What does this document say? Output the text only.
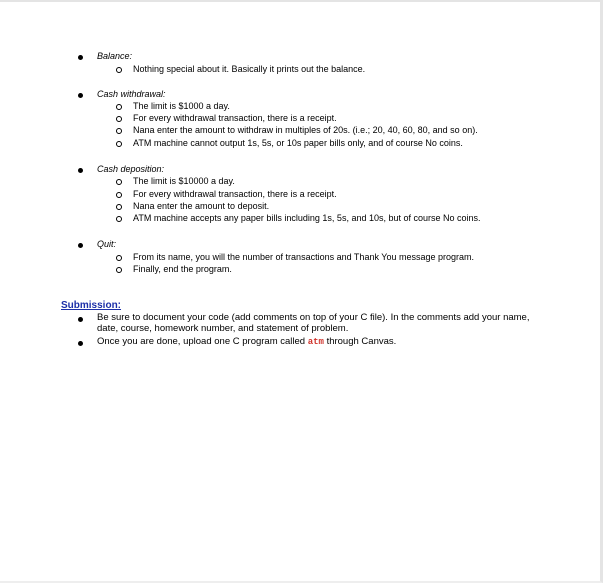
Balance:
Nothing special about it. Basically it prints out the balance.
Cash withdrawal:
The limit is $1000 a day.
For every withdrawal transaction, there is a receipt.
Nana enter the amount to withdraw in multiples of 20s. (i.e.; 20, 40, 60, 80, and so on).
ATM machine cannot output 1s, 5s, or 10s paper bills only, and of course No coins.
Cash deposition:
The limit is $10000 a day.
For every withdrawal transaction, there is a receipt.
Nana enter the amount to deposit.
ATM machine accepts any paper bills including 1s, 5s, and 10s, but of course No coins.
Quit:
From its name, you will the number of transactions and Thank You message program.
Finally, end the program.
Submission:
Be sure to document your code (add comments on top of your C file). In the comments add your name, date, course, homework number, and statement of problem.
Once you are done, upload one C program called atm through Canvas.
